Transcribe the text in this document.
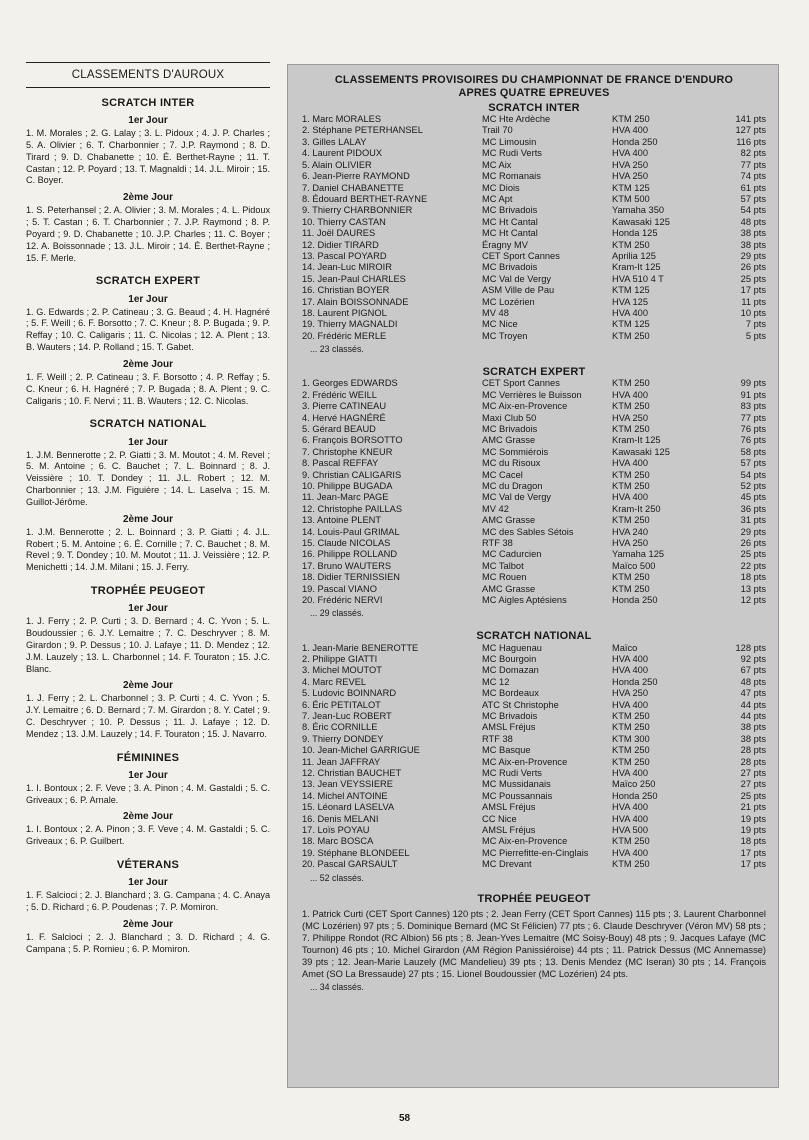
CLASSEMENTS D'AUROUX
SCRATCH INTER
1er Jour

1. M. Morales ; 2. G. Lalay ; 3. L. Pidoux ; 4. J. P. Charles ; 5. A. Olivier ; 6. T. Charbonnier ; 7. J.P. Raymond ; 8. D. Tirard ; 9. D. Chabanette ; 10. É. Berthet-Rayne ; 11. T. Castan ; 12. P. Poyard ; 13. T. Magnaldi ; 14. J.L. Miroir ; 15. C. Boyer.

2ème Jour

1. S. Peterhansel ; 2. A. Olivier ; 3. M. Morales ; 4. L. Pidoux ; 5. T. Castan ; 6. T. Charbonnier ; 7. J.P. Raymond ; 8. P. Poyard ; 9. D. Chabanette ; 10. J.P. Charles ; 11. C. Boyer ; 12. A. Boissonnade ; 13. J.L. Miroir ; 14. É. Berthet-Rayne ; 15. F. Merle.

SCRATCH EXPERT
1er Jour

1. G. Edwards ; 2. P. Catineau ; 3. G. Beaud ; 4. H. Hagnéré ; 5. F. Weill ; 6. F. Borsotto ; 7. C. Kneur ; 8. P. Bugada ; 9. P. Reffay ; 10. C. Caligaris ; 11. C. Nicolas ; 12. A. Plent ; 13. B. Wauters ; 14. P. Rolland ; 15. T. Gabet.

2ème Jour

1. F. Weill ; 2. P. Catineau ; 3. F. Borsotto ; 4. P. Reffay ; 5. C. Kneur ; 6. H. Hagnéré ; 7. P. Bugada ; 8. A. Plent ; 9. C. Caligaris ; 10. F. Nervi ; 11. B. Wauters ; 12. C. Nicolas.

SCRATCH NATIONAL
1er Jour

1. J.M. Bennerotte ; 2. P. Giatti ; 3. M. Moutot ; 4. M. Revel ; 5. M. Antoine ; 6. C. Bauchet ; 7. L. Boinnard ; 8. J. Veissière ; 10. T. Dondey ; 11. J.L. Robert ; 12. M. Charbonnier ; 13. J.M. Figuière ; 14. L. Laselva ; 15. M. Guillot-Jérôme.

2ème Jour

1. J.M. Bennerotte ; 2. L. Boinnard ; 3. P. Giatti ; 4. J.L. Robert ; 5. M. Antoine ; 6. É. Cornille ; 7. C. Bauchet ; 8. M. Revel ; 9. T. Dondey ; 10. M. Moutot ; 11. J. Veissière ; 12. P. Menichetti ; 14. J.M. Milani ; 15. J. Ferry.

TROPHÉE PEUGEOT
1er Jour

1. J. Ferry ; 2. P. Curti ; 3. D. Bernard ; 4. C. Yvon ; 5. L. Boudoussier ; 6. J.Y. Lemaitre ; 7. C. Deschryver ; 8. M. Girardon ; 9. P. Dessus ; 10. J. Lafaye ; 11. D. Mendez ; 12. J.M. Lauzely ; 13. L. Charbonnel ; 14. F. Touraton ; 15. J.C. Blanc.

2ème Jour

1. J. Ferry ; 2. L. Charbonnel ; 3. P. Curti ; 4. C. Yvon ; 5. J.Y. Lemaitre ; 6. D. Bernard ; 7. M. Girardon ; 8. Y. Catel ; 9. C. Deschryver ; 10. P. Dessus ; 11. J. Lafaye ; 12. D. Mendez ; 13. J.M. Lauzely ; 14. F. Touraton ; 15. J. Navarro.

FÉMININES
1er Jour

1. I. Bontoux ; 2. F. Veve ; 3. A. Pinon ; 4. M. Gastaldi ; 5. C. Griveaux ; 6. P. Arnale.

2ème Jour

1. I. Bontoux ; 2. A. Pinon ; 3. F. Veve ; 4. M. Gastaldi ; 5. C. Griveaux ; 6. P. Guilbert.

VÉTERANS
1er Jour

1. F. Salcioci ; 2. J. Blanchard ; 3. G. Campana ; 4. C. Anaya ; 5. D. Richard ; 6. P. Poudenas ; 7. P. Momiron.

2ème Jour

1. F. Salcioci ; 2. J. Blanchard ; 3. D. Richard ; 4. G. Campana ; 5. P. Romieu ; 6. P. Momiron.

CLASSEMENTS PROVISOIRES DU CHAMPIONNAT DE FRANCE D'ENDURO
APRES QUATRE EPREUVES
SCRATCH INTER
1. Marc MORALES	MC Hte Ardèche	KTM 250	141 pts
2. Stéphane PETERHANSEL	Trail 70	HVA 400	127 pts
3. Gilles LALAY	MC Limousin	Honda 250	116 pts
4. Laurent PIDOUX	MC Rudi Verts	HVA 400	82 pts
5. Alain OLIVIER	MC Aix	HVA 250	77 pts
6. Jean-Pierre RAYMOND	MC Romanais	HVA 250	74 pts
7. Daniel CHABANETTE	MC Diois	KTM 125	61 pts
8. Édouard BERTHET-RAYNE	MC Apt	KTM 500	57 pts
9. Thierry CHARBONNIER	MC Brivadois	Yamaha 350	54 pts
10. Thierry CASTAN	MC Ht Cantal	Kawasaki 125	48 pts
11. Joël DAURES	MC Ht Cantal	Honda 125	38 pts
12. Didier TIRARD	Éragny MV	KTM 250	38 pts
13. Pascal POYARD	CET Sport Cannes	Aprilia 125	29 pts
14. Jean-Luc MIROIR	MC Brivadois	Kram-It 125	26 pts
15. Jean-Paul CHARLES	MC Val de Vergy	HVA 510 4 T	25 pts
16. Christian BOYER	ASM Ville de Pau	KTM 125	17 pts
17. Alain BOISSONNADE	MC Lozérien	HVA 125	11 pts
18. Laurent PIGNOL	MV 48	HVA 400	10 pts
19. Thierry MAGNALDI	MC Nice	KTM 125	7 pts
20. Frédéric MERLE	MC Troyen	KTM 250	5 pts
... 23 classés.
SCRATCH EXPERT
1. Georges EDWARDS	CET Sport Cannes	KTM 250	99 pts
2. Frédéric WEILL	MC Verrières le Buisson	HVA 400	91 pts
3. Pierre CATINEAU	MC Aix-en-Provence	KTM 250	83 pts
4. Hervé HAGNÉRÉ	Maxi Club 50	HVA 250	77 pts
5. Gérard BEAUD	MC Brivadois	KTM 250	76 pts
6. François BORSOTTO	AMC Grasse	Kram-It 125	76 pts
7. Christophe KNEUR	MC Sommiérois	Kawasaki 125	58 pts
8. Pascal REFFAY	MC du Risoux	HVA 400	57 pts
9. Christian CALIGARIS	MC Cacel	KTM 250	54 pts
10. Philippe BUGADA	MC du Dragon	KTM 250	52 pts
11. Jean-Marc PAGE	MC Val de Vergy	HVA 400	45 pts
12. Christophe PAILLAS	MV 42	Kram-It 250	36 pts
13. Antoine PLENT	AMC Grasse	KTM 250	31 pts
14. Louis-Paul GRIMAL	MC des Sables Sétois	HVA 240	29 pts
15. Claude NICOLAS	RTF 38	HVA 250	26 pts
16. Philippe ROLLAND	MC Cadurcien	Yamaha 125	25 pts
17. Bruno WAUTERS	MC Talbot	Maïco 500	22 pts
18. Didier TERNISSIEN	MC Rouen	KTM 250	18 pts
19. Pascal VIANO	AMC Grasse	KTM 250	13 pts
20. Frédéric NERVI	MC Aigles Aptésiens	Honda 250	12 pts
... 29 classés.
SCRATCH NATIONAL
1. Jean-Marie BENEROTTE	MC Haguenau	Maïco	128 pts
2. Philippe GIATTI	MC Bourgoin	HVA 400	92 pts
3. Michel MOUTOT	MC Domazan	HVA 400	67 pts
4. Marc REVEL	MC 12	Honda 250	48 pts
5. Ludovic BOINNARD	MC Bordeaux	HVA 250	47 pts
6. Éric PETITALOT	ATC St Christophe	HVA 400	44 pts
7. Jean-Luc ROBERT	MC Brivadois	KTM 250	44 pts
8. Éric CORNILLE	AMSL Fréjus	KTM 250	38 pts
9. Thierry DONDEY	RTF 38	KTM 300	38 pts
10. Jean-Michel GARRIGUE	MC Basque	KTM 250	28 pts
11. Jean JAFFRAY	MC Aix-en-Provence	KTM 250	28 pts
12. Christian BAUCHET	MC Rudi Verts	HVA 400	27 pts
13. Jean VEYSSIERE	MC Mussidanais	Maïco 250	27 pts
14. Michel ANTOINE	MC Poussannais	Honda 250	25 pts
15. Léonard LASELVA	AMSL Fréjus	HVA 400	21 pts
16. Denis MELANI	CC Nice	HVA 400	19 pts
17. Loïs POYAU	AMSL Fréjus	HVA 500	19 pts
18. Marc BOSCA	MC Aix-en-Provence	KTM 250	18 pts
19. Stéphane BLONDEEL	MC Pierrefitte-en-Cinglais	HVA 400	17 pts
20. Pascal GARSAULT	MC Drevant	KTM 250	17 pts
... 52 classés.
TROPHÉE PEUGEOT
1. Patrick Curti (CET Sport Cannes) 120 pts ; 2. Jean Ferry (CET Sport Cannes) 115 pts ; 3. Laurent Charbonnel (MC Lozérien) 97 pts ; 5. Dominique Bernard (MC St Félicien) 77 pts ; 6. Claude Deschryver (Véron MV) 58 pts ; 7. Philippe Rondot (RC Albion) 56 pts ; 8. Jean-Yves Lemaitre (MC Soisy-Bouy) 48 pts ; 9. Jacques Lafaye (MC Tournon) 46 pts ; 10. Michel Girardon (AM Région Panissiéroise) 44 pts ; 11. Patrick Dessus (MC Annemasse) 39 pts ; 12. Jean-Marie Lauzely (MC Mandelieu) 39 pts ; 13. Denis Mendez (MC Iseran) 30 pts ; 14. François Amet (SO La Bressaude) 27 pts ; 15. Lionel Boudoussier (MC Lozérien) 24 pts.
... 34 classés.
58
